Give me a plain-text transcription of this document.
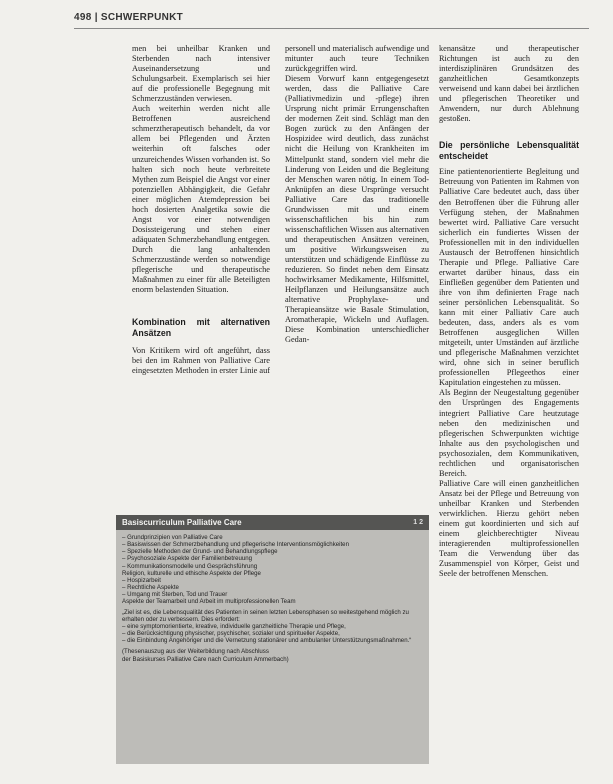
498 | SCHWERPUNKT

men bei unheilbar Kranken und Sterbenden nach intensiver Auseinandersetzung und Schulungsarbeit. Exemplarisch sei hier auf die professionelle Begegnung mit Schmerzzuständen verwiesen.

Auch weiterhin werden nicht alle Betroffenen ausreichend schmerztherapeutisch behandelt, da vor allem bei Pflegenden und Ärzten weiterhin oft falsches oder unzureichendes Wissen vorhanden ist. So halten sich noch heute verbreitete Mythen zum Beispiel die Angst vor einer potenziellen Abhängigkeit, die Gefahr einer möglichen Atemdepression bei hoch dosierten Analgetika sowie die Angst vor einer notwendigen Dosissteigerung und stehen einer adäquaten Schmerzbehandlung entgegen. Durch die lang anhaltenden Schmerzzustände werden so notwendige pflegerische und therapeutische Maßnahmen zu einer für alle Beteiligten enorm belastenden Situation.

Kombination mit alternativen Ansätzen

Von Kritikern wird oft angeführt, dass bei den im Rahmen von Palliative Care eingesetzten Methoden in erster Linie auf

personell und materialisch aufwendige und mitunter auch teure Techniken zurückgegriffen wird.

Diesem Vorwurf kann entgegengesetzt werden, dass die Palliative Care (Palliativmedizin und -pflege) ihren Ursprung nicht primär Errungenschaften der modernen Zeit sind. Schlägt man den Bogen zurück zu den Anfängen der Hospizidee wird deutlich, dass zunächst nicht die Heilung von Krankheiten im Mittelpunkt stand, sondern viel mehr die Linderung von Leiden und die Begleitung der Menschen waren nötig. In einem Tod-Anknüpfen an diese Ursprünge versucht Palliative Care das traditionelle Grundwissen mit und einem wissenschaftlichen bis hin zum wissenschaftlichen Wissen aus alternativen und therapeutischen Ansätzen vereinen, um positive Wirkungsweisen zu unterstützen und schädigende Einflüsse zu reduzieren. So findet neben dem Einsatz hochwirksamer Medikamente, Hilfsmittel, Heilpflanzen und Heilungsansätze auch alternative Prophylaxe- und Therapieansätze wie Basale Stimulation, Aromatherapie, Wickeln und Auflagen. Diese Kombination unterschiedlicher Gedan-

kenansätze und therapeutischer Richtungen ist auch zu den interdisziplinären Grundsätzen des ganzheitlichen Gesamtkonzepts verweisend und kann dabei bei ärztlichen und pflegerischen Theoretiker und Anwendern, nur durch Ablehnung gestoßen.

Die persönliche Lebensqualität entscheidet

Eine patientenorientierte Begleitung und Betreuung von Patienten im Rahmen von Palliative Care bedeutet auch, dass über den Betroffenen über die Führung aller Verfügung stehen, der Maßnahmen bewertet wird. Palliative Care versucht sicherlich ein fundiertes Wissen der Professionellen mit in den individuellen Austausch der Betroffenen hinsichtlich Therapie und Pflege. Palliative Care erwartet darüber hinaus, dass ein Einfließen gegenüber dem Patienten und ihre von ihm definierten Frage nach seiner persönlichen Lebensqualität. So kann mit einer Palliativ Care auch bedeuten, dass, anders als es vom Betroffenen ausgeglichen Willen mitgeteilt, unter Umständen auf ärztliche und pflegerische Maßnahmen verzichtet wird, ohne sich in seiner beruflich professionellen Pflegeethos einer Kapitulation eingestehen zu müssen.

Als Beginn der Neugestaltung gegenüber den Ursprüngen des Engagements integriert Palliative Care heutzutage neben den medizinischen und pflegerischen Schwerpunkten wichtige Inhalte aus den psychologischen und psychosozialen, dem Kommunikativen, rechtlichen und organisatorischen Bereich.

Palliative Care will einen ganzheitlichen Ansatz bei der Pflege und Betreuung von unheilbar Kranken und Sterbenden verwirklichen. Hierzu gehört neben einem gut koordinierten und sich auf einem gleichberechtigter Niveau interagierenden multiprofessionellen Team die Verwendung über das Zusammenspiel von Körper, Geist und Seele der betroffenen Menschen.

Basiscurriculum Palliative Care	1 2
– Grundprinzipien von Palliative Care
– Basiswissen der Schmerzbehandlung und pflegerische Interventionsmöglichkeiten
– Spezielle Methoden der Grund- und Behandlungspflege
– Psychosoziale Aspekte der Familienbetreuung
– Kommunikationsmodelle und Gesprächsführung
Religion, kulturelle und ethische Aspekte der Pflege
– Hospizarbeit
– Rechtliche Aspekte
– Umgang mit Sterben, Tod und Trauer
Aspekte der Teamarbeit und Arbeit im multiprofessionellen Team
„Ziel ist es, die Lebensqualität des Patienten in seinen letzten Lebensphasen so weitestgehend möglich zu erhalten oder zu verbessern. Dies erfordert:
– eine symptomorientierte, kreative, individuelle ganzheitliche Therapie und Pflege,
– die Berücksichtigung physischer, psychischer, sozialer und spiritueller Aspekte,
– die Einbindung Angehöriger und die Vernetzung stationärer und ambulanter Unterstützungsmaßnahmen.“
(Thesenauszug aus der Weiterbildung nach Abschluss
der Basiskurses Palliative Care nach Curriculum Ammerbach)
